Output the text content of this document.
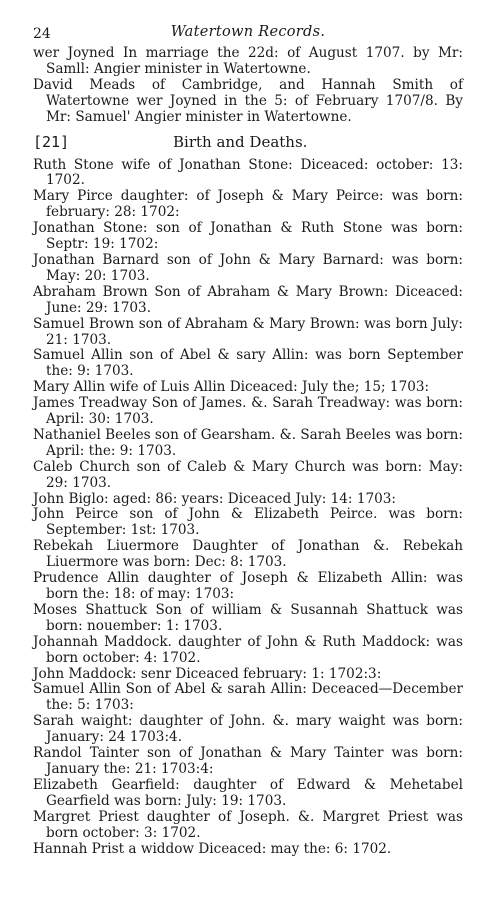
24	Watertown Records.

wer Joyned In marriage the 22d: of August 1707. by Mr: Samll: Angier minister in Watertowne.

David Meads of Cambridge, and Hannah Smith of Watertowne wer Joyned in the 5: of February 1707/8. By Mr: Samuel' Angier minister in Watertowne.

[21]	Birth and Deaths.

Ruth Stone wife of Jonathan Stone: Diceaced: october: 13: 1702.

Mary Pirce daughter: of Joseph & Mary Peirce: was born: february: 28: 1702:

Jonathan Stone: son of Jonathan & Ruth Stone was born: Septr: 19: 1702:

Jonathan Barnard son of John & Mary Barnard: was born: May: 20: 1703.

Abraham Brown Son of Abraham & Mary Brown: Diceaced: June: 29: 1703.

Samuel Brown son of Abraham & Mary Brown: was born July: 21: 1703.

Samuel Allin son of Abel & sary Allin: was born September the: 9: 1703.

Mary Allin wife of Luis Allin Diceaced: July the; 15; 1703:

James Treadway Son of James. &. Sarah Treadway: was born: April: 30: 1703.

Nathaniel Beeles son of Gearsham. &. Sarah Beeles was born: April: the: 9: 1703.

Caleb Church son of Caleb & Mary Church was born: May: 29: 1703.

John Biglo: aged: 86: years: Diceaced July: 14: 1703:

John Peirce son of John & Elizabeth Peirce. was born: September: 1st: 1703.

Rebekah Liuermore Daughter of Jonathan &. Rebekah Liuermore was born: Dec: 8: 1703.

Prudence Allin daughter of Joseph & Elizabeth Allin: was born the: 18: of may: 1703:

Moses Shattuck Son of william & Susannah Shattuck was born: nouember: 1: 1703.

Johannah Maddock. daughter of John & Ruth Maddock: was born october: 4: 1702.

John Maddock: senr Diceaced february: 1: 1702:3:

Samuel Allin Son of Abel & sarah Allin: Deceaced—December the: 5: 1703:

Sarah waight: daughter of John. &. mary waight was born: January: 24 1703:4.

Randol Tainter son of Jonathan & Mary Tainter was born: January the: 21: 1703:4:

Elizabeth Gearfield: daughter of Edward & Mehetabel Gearfield was born: July: 19: 1703.

Margret Priest daughter of Joseph. &. Margret Priest was born october: 3: 1702.

Hannah Prist a widdow Diceaced: may the: 6: 1702.
